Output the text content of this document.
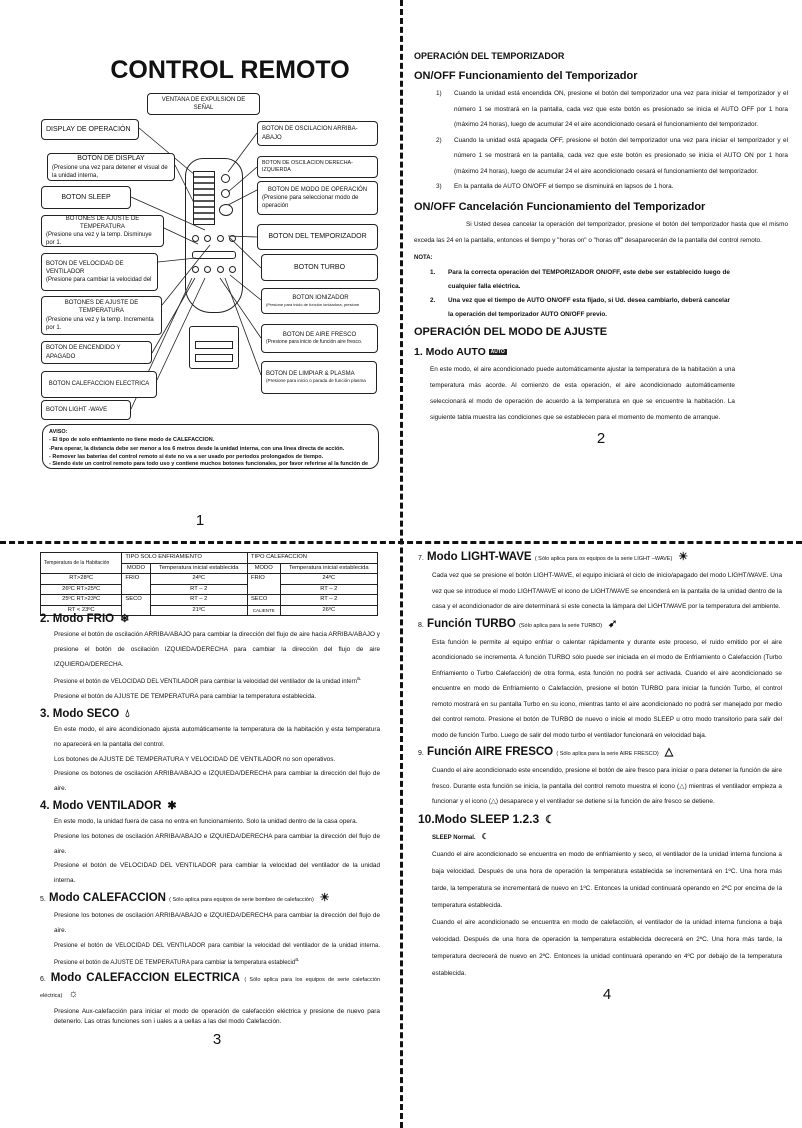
CONTROL REMOTO
VENTANA DE EXPULSION DE SEÑAL
DISPLAY DE OPERACIÓN
BOTON DE DISPLAY
(Presione una vez para detener el visual de la unidad interna,
BOTON SLEEP
BOTONES DE AJUSTE DE TEMPERATURA
(Presione una vez y la temp. Disminuye por 1.
BOTON DE VELOCIDAD DE VENTILADOR
(Presione para cambiar la velocidad del
BOTONES DE AJUSTE DE TEMPERATURA
(Presione una vez y la temp. Incrementa por 1.
BOTON DE ENCENDIDO Y APAGADO
BOTON CALEFACCION ELECTRICA
BOTON LIGHT -WAVE
BOTON DE OSCILACION ARRIBA-ABAJO
BOTON DE OSCILACION DERECHA-IZQUIERDA
BOTON DE MODO DE OPERACIÓN
(Presione para seleccionar modo de operación
BOTON DEL TEMPORIZADOR
BOTON TURBO
BOTON IONIZADOR
(Presione para inicio de función ionizadora, presione
BOTON DE AIRE FRESCO
(Presione para inicio de función aire fresco.
BOTON DE LIMPIAR & PLASMA
(Presione para inicio o parada de función plasma
AVISO:
- El tipo de solo enfriamiento no tiene modo de CALEFACCION.
-Para operar, la distancia debe ser menor a los 6 metros desde la unidad interna, con una línea directa de acción.
- Remover las baterías del control remoto si éste no va a ser usado por periodos prolongados de tiempo.
- Siendo éste un control remoto para todo uso y contiene muchos botones funcionales, por favor referirse al la función de
1
OPERACIÓN DEL TEMPORIZADOR
ON/OFF Funcionamiento del Temporizador
1)	Cuando la unidad está encendida ON, presione el botón del temporizador una vez para iniciar el temporizador y el número 1 se mostrará en la pantalla, cada vez que este botón es presionado se inicia el AUTO OFF por 1 hora (máximo 24 horas), luego de acumular 24 el aire acondicionado cesará el funcionamiento del temporizador.
2)	Cuando la unidad está apagada OFF, presione el botón del temporizador una vez para iniciar el temporizador y el número 1 se mostrará en la pantalla, cada vez que este botón es presionado se inicia el AUTO ON por 1 hora (máximo 24 horas), luego de acumular 24 el aire acondicionado cesará el funcionamiento del temporizador.
3)	En la pantalla de AUTO ON/OFF el tiempo se disminuirá en lapsos de 1 hora.
ON/OFF Cancelación Funcionamiento del Temporizador
Si Usted desea cancelar la operación del temporizador, presione el botón del temporizador hasta que el mismo exceda las 24 en la pantalla, entonces el tiempo y "horas on" o "horas off" desaparecerán de la pantalla del control remoto.
NOTA:
1.	Para la correcta operación del TEMPORIZADOR ON/OFF, este debe ser establecido luego de cualquier falla eléctrica.
2.	Una vez que el tiempo de AUTO ON/OFF esta fijado, si Ud. desea cambiarlo, deberá cancelar la operación del temporizador AUTO ON/OFF previo.
OPERACIÓN DEL MODO DE AJUSTE
1. Modo AUTO AUTO
En este modo, el aire acondicionado puede automáticamente ajustar la temperatura de la habitación a una temperatura más acorde. Al comienzo de esta operación, el aire acondicionado automáticamente seleccionará el modo de operación de acuerdo a la temperatura en que se encuentre la habitación. La siguiente tabla muestra las condiciones que se establecen para el momento de momento de arranque.
2
Temperatura de la Habitación	TIPO SOLO ENFRIAMIENTO		TIPO CALEFACCION	
	MODO	Temperatura inicial establecida	MODO	Temperatura inicial establecida
RT>28ºC	FRIO	24ºC	FRIO	24ºC
26ºC RT>25ºC		RT – 2		RT – 2
25ºC RT>23ºC	SECO	RT – 2	SECO	RT – 2
RT < 23ºC		21ºC	CALIENTE	26ºC
2. Modo FRIO ❄
Presione el botón de oscilación ARRIBA/ABAJO para cambiar la dirección del flujo de aire hacia ARRIBA/ABAJO y presione el botón de oscilación IZQUIEDA/DERECHA para cambiar la dirección del flujo de aire IZQUIERDA/DERECHA.
Presione el botón de VELOCIDAD DEL VENTILADOR para cambiar la velocidad del ventilador de la unidad intern$^{a.}$
Presione el botón de AJUSTE DE TEMPERATURA para cambiar la temperatura establecida.
3. Modo SECO 💧︎
En este modo, el aire acondicionado ajusta automáticamente la temperatura de la habitación y esta temperatura no aparecerá en la pantalla del control.
Los botones de AJUSTE DE TEMPERATURA Y VELOCIDAD DE VENTILADOR no son operativos.
Presione os botones de oscilación ARRIBA/ABAJO e IZQUIEDA/DERECHA para cambiar la dirección del flujo de aire.
4. Modo VENTILADOR ✱
En este modo, la unidad fuera de casa no entra en funcionamiento. Solo la unidad dentro de la casa opera.
Presione los botones de oscilación ARRIBA/ABAJO e IZQUIEDA/DERECHA para cambiar la dirección del flujo de aire.
Presione el botón de VELOCIDAD DEL VENTILADOR para cambiar la velocidad del ventilador de la unidad interna.
5. Modo CALEFACCION ( Sólo aplica para equipos de serie bombeo de calefacción) ☀
Presione los botones de oscilación ARRIBA/ABAJO e IZQUIEDA/DERECHA para cambiar la dirección del flujo de aire.
Presione el botón de VELOCIDAD DEL VENTILADOR para cambiar la velocidad del ventilador de la unidad interna. Presione el botón de AJUSTE DE TEMPERATURA para cambiar la temperatura establecid$^{a.}$
6. Modo CALEFACCION ELECTRICA ( Sólo aplica para los equipos de serie calefacción eléctrica) ☼
Presione Aux-calefacción para iniciar el modo de operación de calefacción eléctrica y presione de nuevo para detenerlo. Las otras funciones son i uales a a uellas a las del modo Calefacción.
3
7. Modo LIGHT-WAVE ( Sólo aplica para os equipos de la serie LIGHT –WAVE) ☀
Cada vez que se presione el botón LIGHT-WAVE, el equipo iniciará el ciclo de inicio/apagado del modo LIGHT/WAVE. Una vez que se introduce el modo LIGHT/WAVE el icono de LIGHT/WAVE se encenderá en la pantalla de la unidad dentro de la casa y el acondicionador de aire determinará si este conecta la lámpara del LIGHT/WAVE por la temperatura del ambiente.
8. Función TURBO (Sólo aplica para la serie TURBO) ➹
Esta función le permite al equipo enfriar o calentar rápidamente y durante este proceso, el ruido emitido por el aire acondicionado se incrementa. A función TURBO sólo puede ser iniciada en el modo de Enfriamiento o Calefacción (Turbo Enfriamiento o Turbo Calefacción) de otra forma, esta función no podrá ser activada. Cuando el aire acondicionado se encuentre en modo de Enfriamiento o Calefacción, presione el botón TURBO para iniciar la función Turbo, el control remoto mostrará en su pantalla Turbo en su icono, mientras tanto el aire acondicionado no podrá ser manejado por medio del control remoto. Presione el botón de TURBO de nuevo o inicie el modo SLEEP u otro modo transitorio para salir del modo de función Turbo. Luego de salir del modo turbo el ventilador funcionará en velocidad baja.
9. Función AIRE FRESCO ( Sólo aplica para la serie AIRE FRESCO) △
Cuando el aire acondicionado este encendido, presione el botón de aire fresco para iniciar o para detener la función de aire fresco. Durante esta función se inicia, la pantalla del control remoto muestra el icono (△) mientras el ventilador empieza a funcionar y el icono (△) desaparece y el ventilador se detiene si la función de aire fresco se detiene.
10.Modo SLEEP 1.2.3 ☾
SLEEP Normal. ☾
Cuando el aire acondicionado se encuentra en modo de enfriamiento y seco, el ventilador de la unidad interna funciona a baja velocidad. Después de una hora de operación la temperatura establecida se incrementará en 1ºC. Una hora más tarde, la temperatura se incrementará de nuevo en 1ºC. Entonces la unidad continuará operando en 2ºC por encima de la temperatura establecida.
Cuando el aire acondicionado se encuentra en modo de calefacción, el ventilador de la unidad interna funciona a baja velocidad. Después de una hora de operación la temperatura establecida decrecerá en 2ºC. Una hora más tarde, la temperatura decrecerá de nuevo en 2ºC. Entonces la unidad continuará operando en 4ºC por debajo de la temperatura establecida.
4
